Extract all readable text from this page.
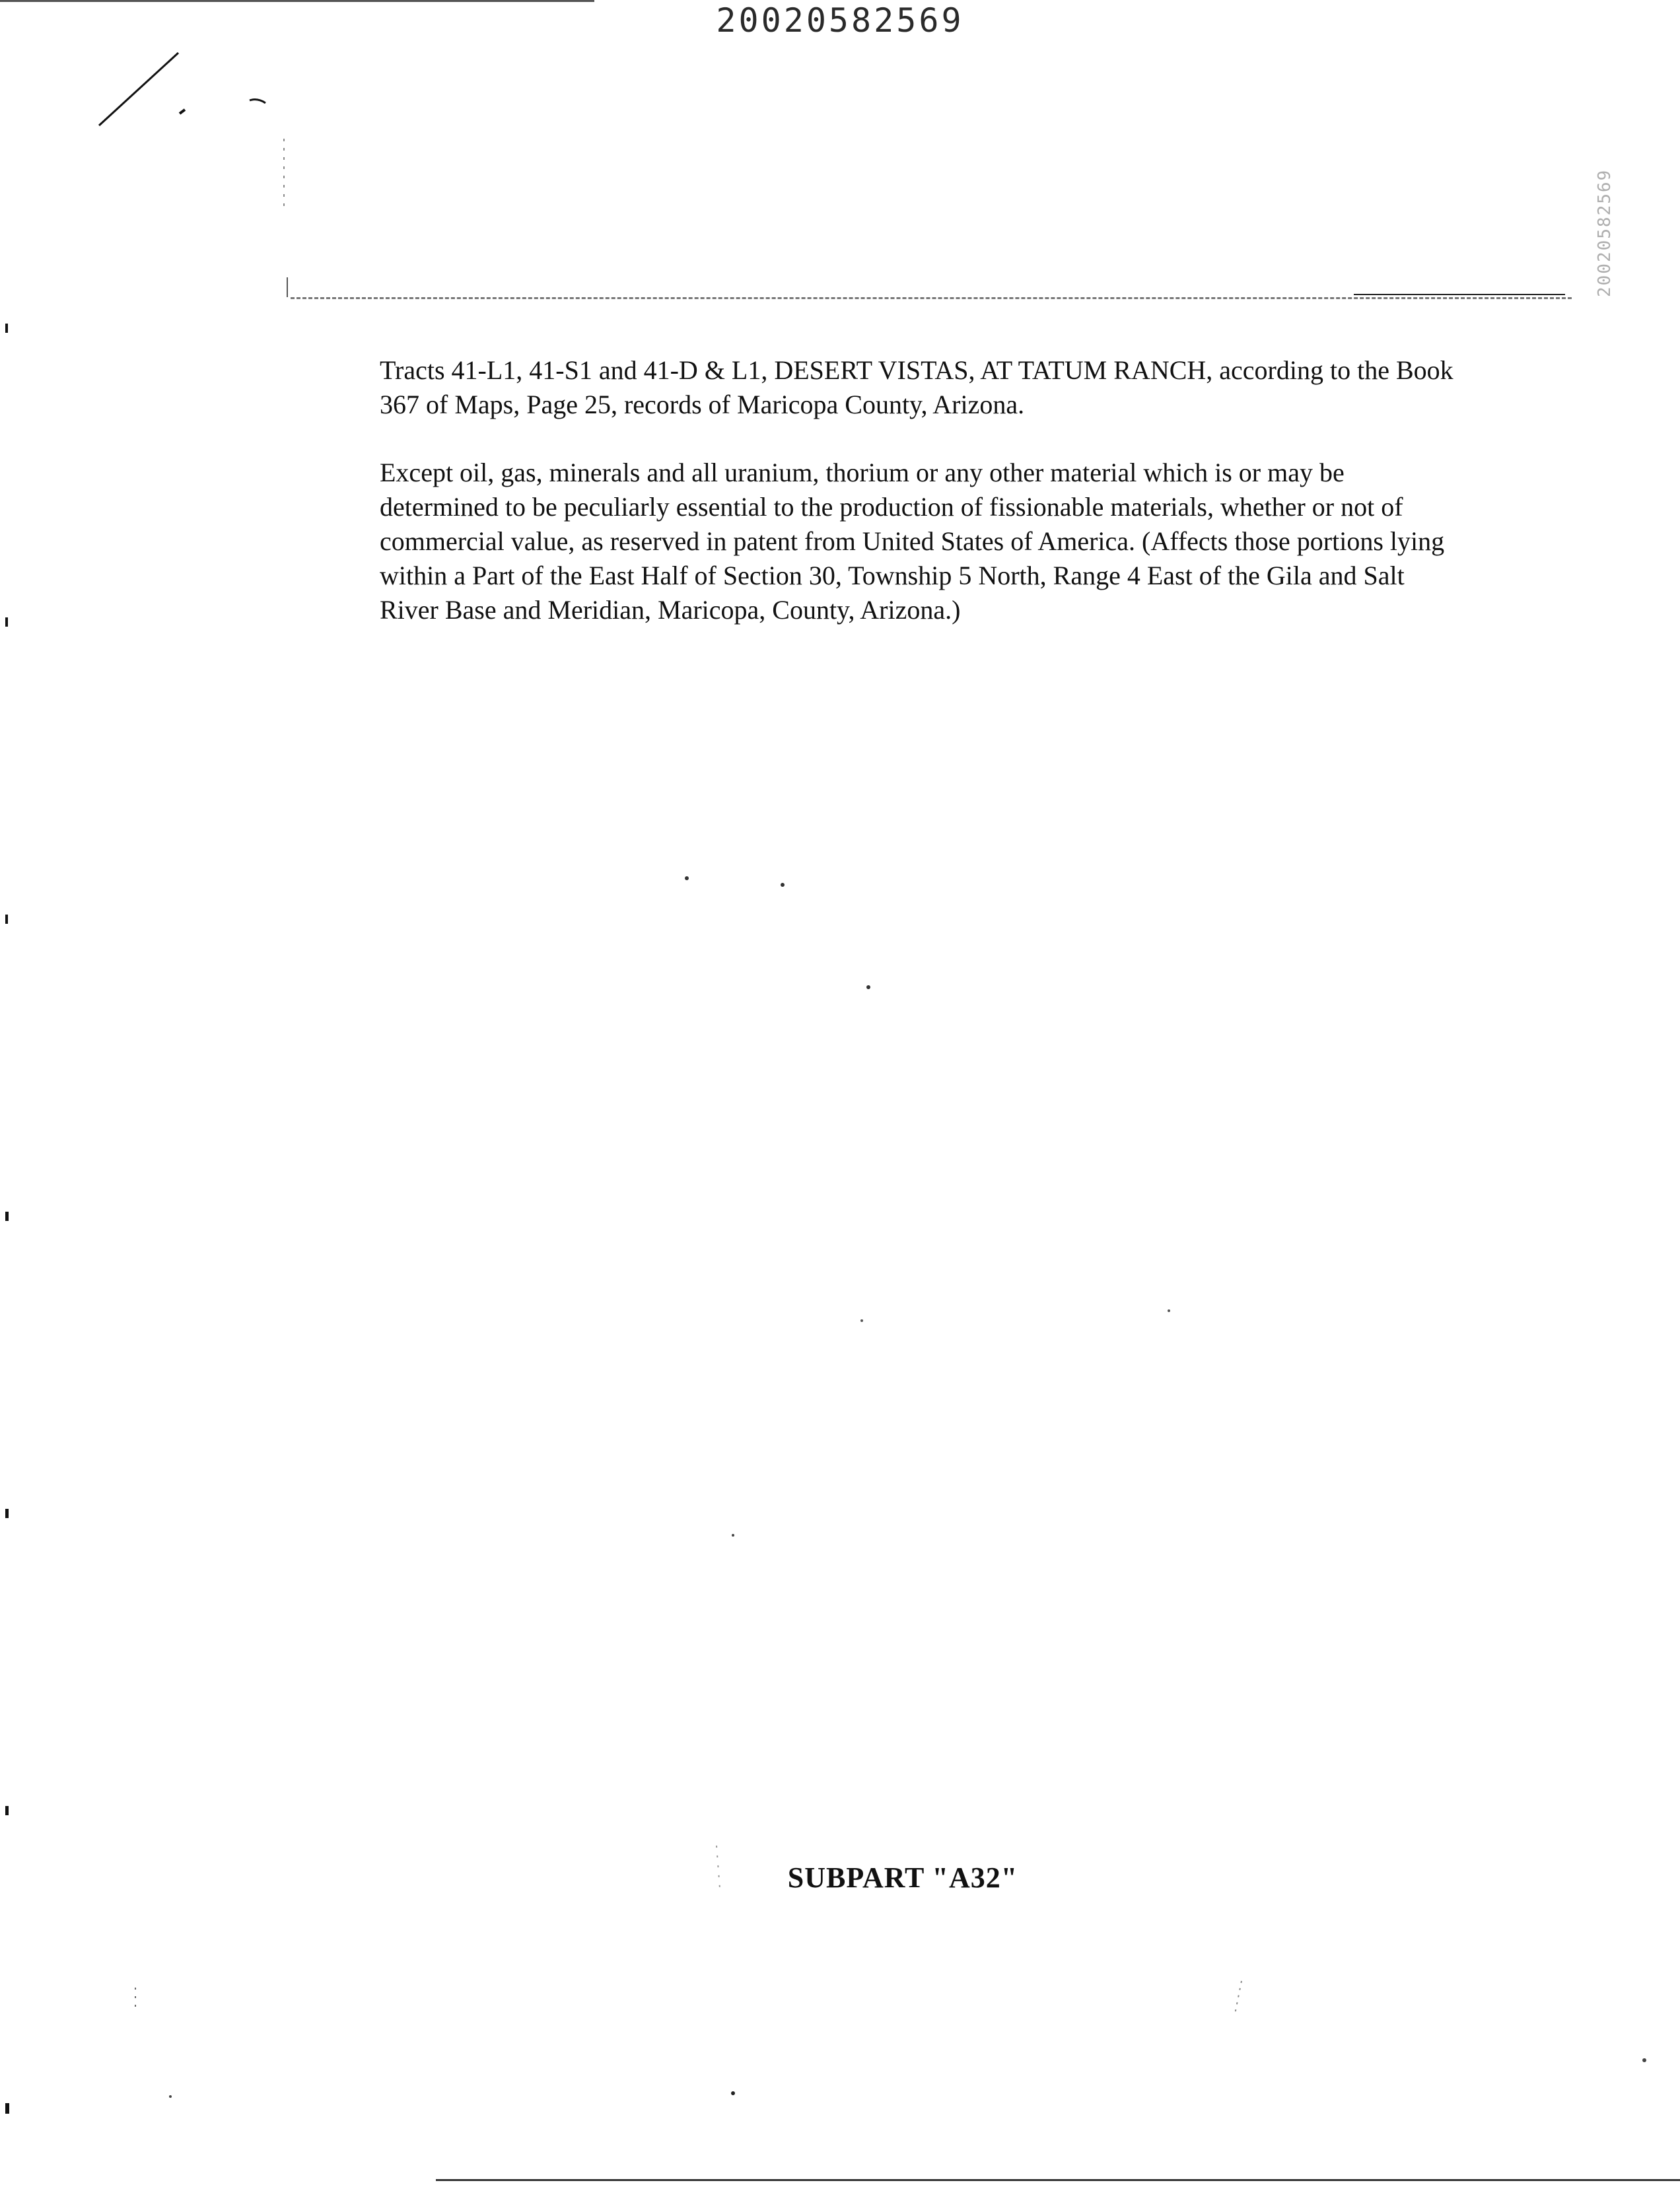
20020582569
20020582569
Tracts 41-L1, 41-S1 and 41-D & L1, DESERT VISTAS, AT TATUM RANCH, according to the Book 367 of Maps, Page 25, records of Maricopa County, Arizona.
Except oil, gas, minerals and all uranium, thorium or any other material which is or may be determined to be peculiarly essential to the production of fissionable materials, whether or not of commercial value, as reserved in patent from United States of America. (Affects those portions lying within a Part of the East Half of Section 30, Township 5 North, Range 4 East of the Gila and Salt River Base and Meridian, Maricopa, County, Arizona.)
SUBPART "A32"
